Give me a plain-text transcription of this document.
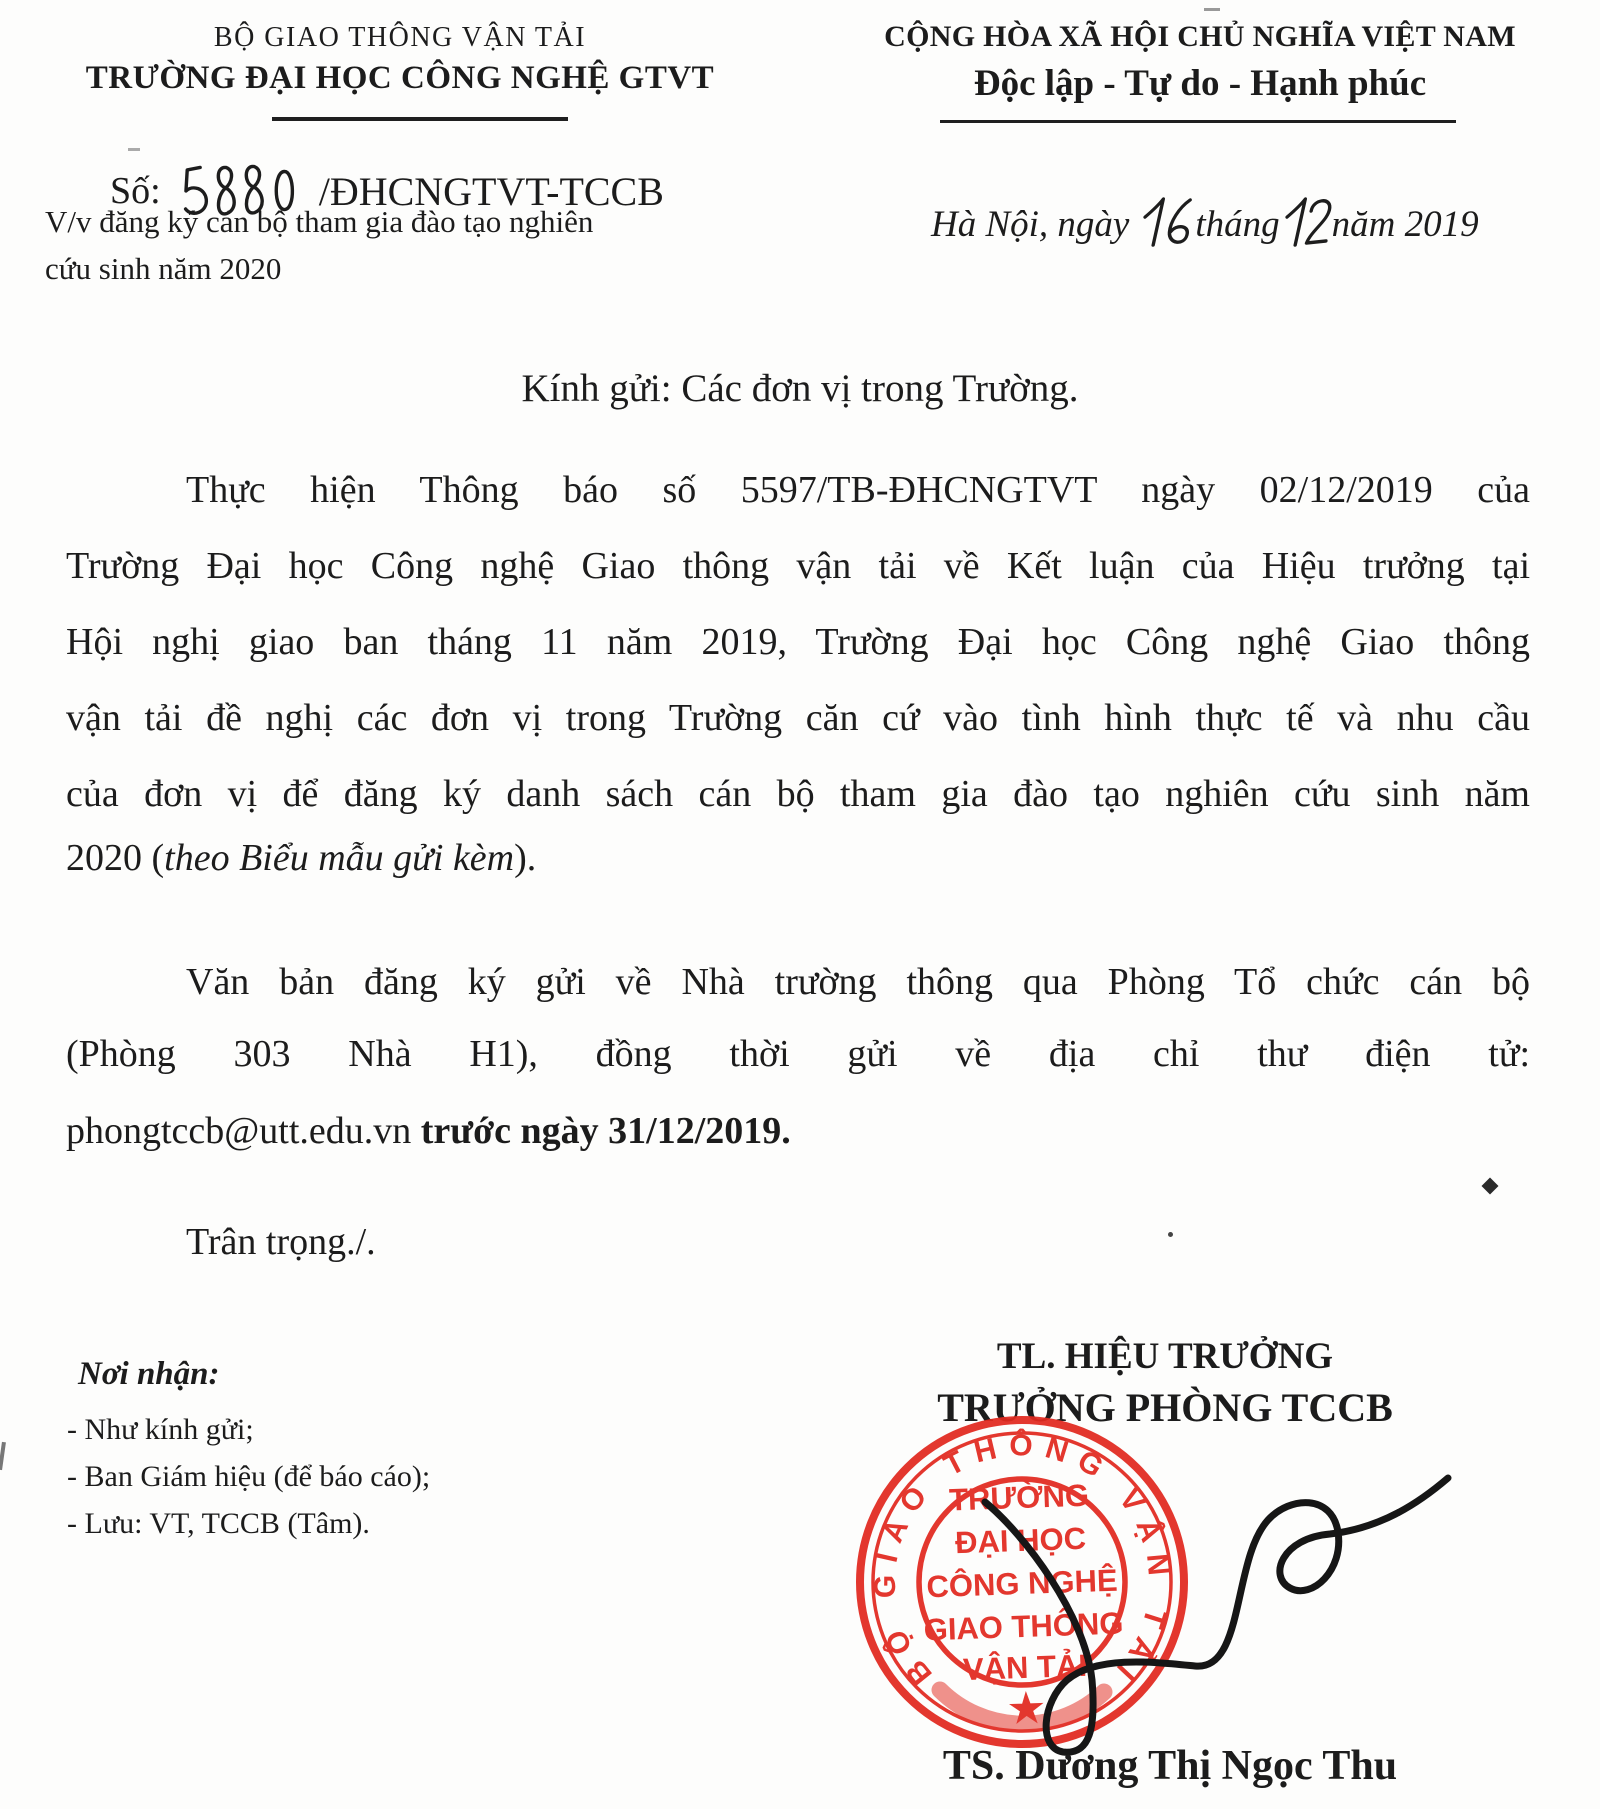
BỘ GIAO THÔNG VẬN TẢI
TRƯỜNG ĐẠI HỌC CÔNG NGHỆ GTVT
CỘNG HÒA XÃ HỘI CHỦ NGHĨA VIỆT NAM
Độc lập - Tự do - Hạnh phúc
Số:	/ĐHCNGTVT-TCCB
V/v đăng ký cán bộ tham gia đào tạo nghiên
cứu sinh năm 2020
Hà Nội, ngày tháng năm 2019
Kính gửi: Các đơn vị trong Trường.
Thực hiện Thông báo số 5597/TB-ĐHCNGTVT ngày 02/12/2019 của
Trường Đại học Công nghệ Giao thông vận tải về Kết luận của Hiệu trưởng tại
Hội nghị giao ban tháng 11 năm 2019, Trường Đại học Công nghệ Giao thông
vận tải đề nghị các đơn vị trong Trường căn cứ vào tình hình thực tế và nhu cầu
của đơn vị để đăng ký danh sách cán bộ tham gia đào tạo nghiên cứu sinh năm
2020 (theo Biểu mẫu gửi kèm).
Văn bản đăng ký gửi về Nhà trường thông qua Phòng Tổ chức cán bộ
(Phòng 303 Nhà H1), đồng thời gửi về địa chỉ thư điện tử:
phongtccb@utt.edu.vn trước ngày 31/12/2019.
Trân trọng./.
TL. HIỆU TRƯỞNG
TRƯỞNG PHÒNG TCCB
Nơi nhận:
- Như kính gửi;
- Ban Giám hiệu (để báo cáo);
- Lưu: VT, TCCB (Tâm).
BỘ GIAO THÔNG VẬN TẢI
TRƯỜNG
ĐẠI HỌC
CÔNG NGHỆ
GIAO THÔNG
VẬN TẢI
★
TS. Dương Thị Ngọc Thu
